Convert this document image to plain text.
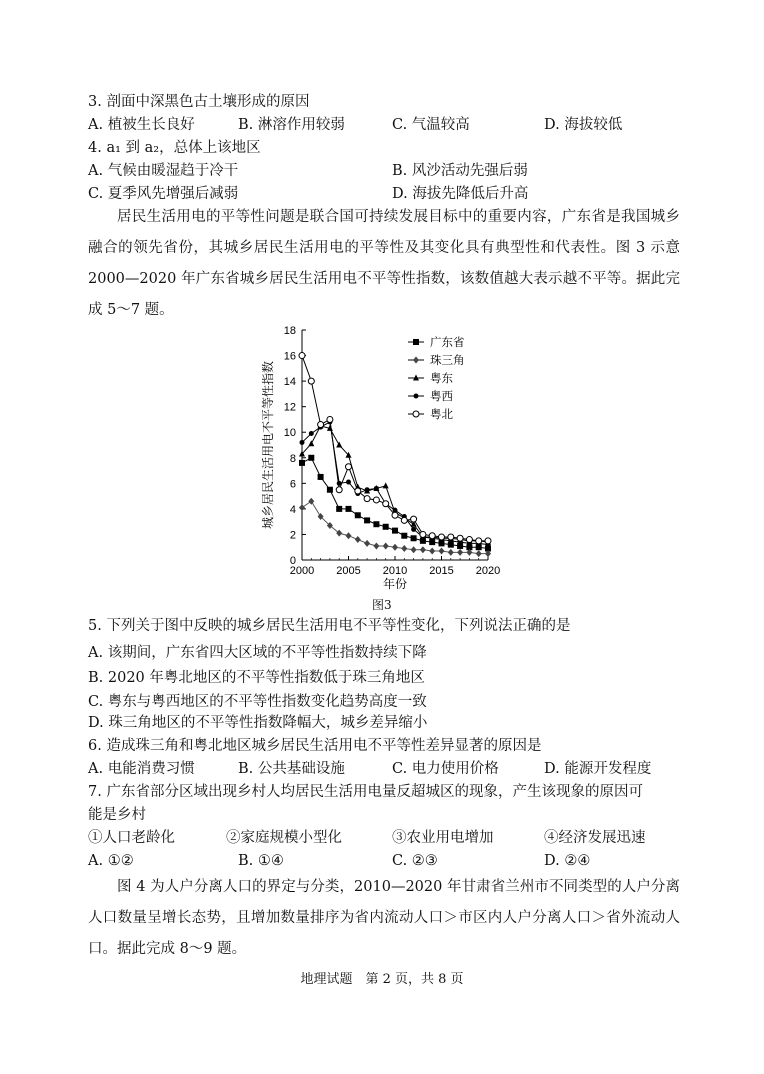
3. 剖面中深黑色古土壤形成的原因
A. 植被生长良好	B. 淋溶作用较弱	C. 气温较高	D. 海拔较低
4. a₁ 到 a₂，总体上该地区
A. 气候由暖湿趋于冷干	B. 风沙活动先强后弱
C. 夏季风先增强后减弱	D. 海拔先降低后升高

居民生活用电的平等性问题是联合国可持续发展目标中的重要内容，广东省是我国城乡融合的领先省份，其城乡居民生活用电的平等性及其变化具有典型性和代表性。图 3 示意 2000—2020 年广东省城乡居民生活用电不平等性指数，该数值越大表示越不平等。据此完成 5～7 题。

0
2
4
6
8
10
12
14
16
18
2000 2005 2010 2015 2020
年份
城乡居民生活用电不平等性指数
广东省
珠三角
粤东
粤西
粤北
图3
5. 下列关于图中反映的城乡居民生活用电不平等性变化，下列说法正确的是
A. 该期间，广东省四大区域的不平等性指数持续下降
B. 2020 年粤北地区的不平等性指数低于珠三角地区
C. 粤东与粤西地区的不平等性指数变化趋势高度一致
D. 珠三角地区的不平等性指数降幅大，城乡差异缩小
6. 造成珠三角和粤北地区城乡居民生活用电不平等性差异显著的原因是
A. 电能消费习惯	B. 公共基础设施	C. 电力使用价格	D. 能源开发程度
7. 广东省部分区域出现乡村人均居民生活用电量反超城区的现象，产生该现象的原因可
能是乡村
①人口老龄化	②家庭规模小型化	③农业用电增加	④经济发展迅速
A. ①②	B. ①④	C. ②③	D. ②④

图 4 为人户分离人口的界定与分类，2010—2020 年甘肃省兰州市不同类型的人户分离人口数量呈增长态势，且增加数量排序为省内流动人口＞市区内人户分离人口＞省外流动人口。据此完成 8～9 题。

地理试题　第 2 页，共 8 页
